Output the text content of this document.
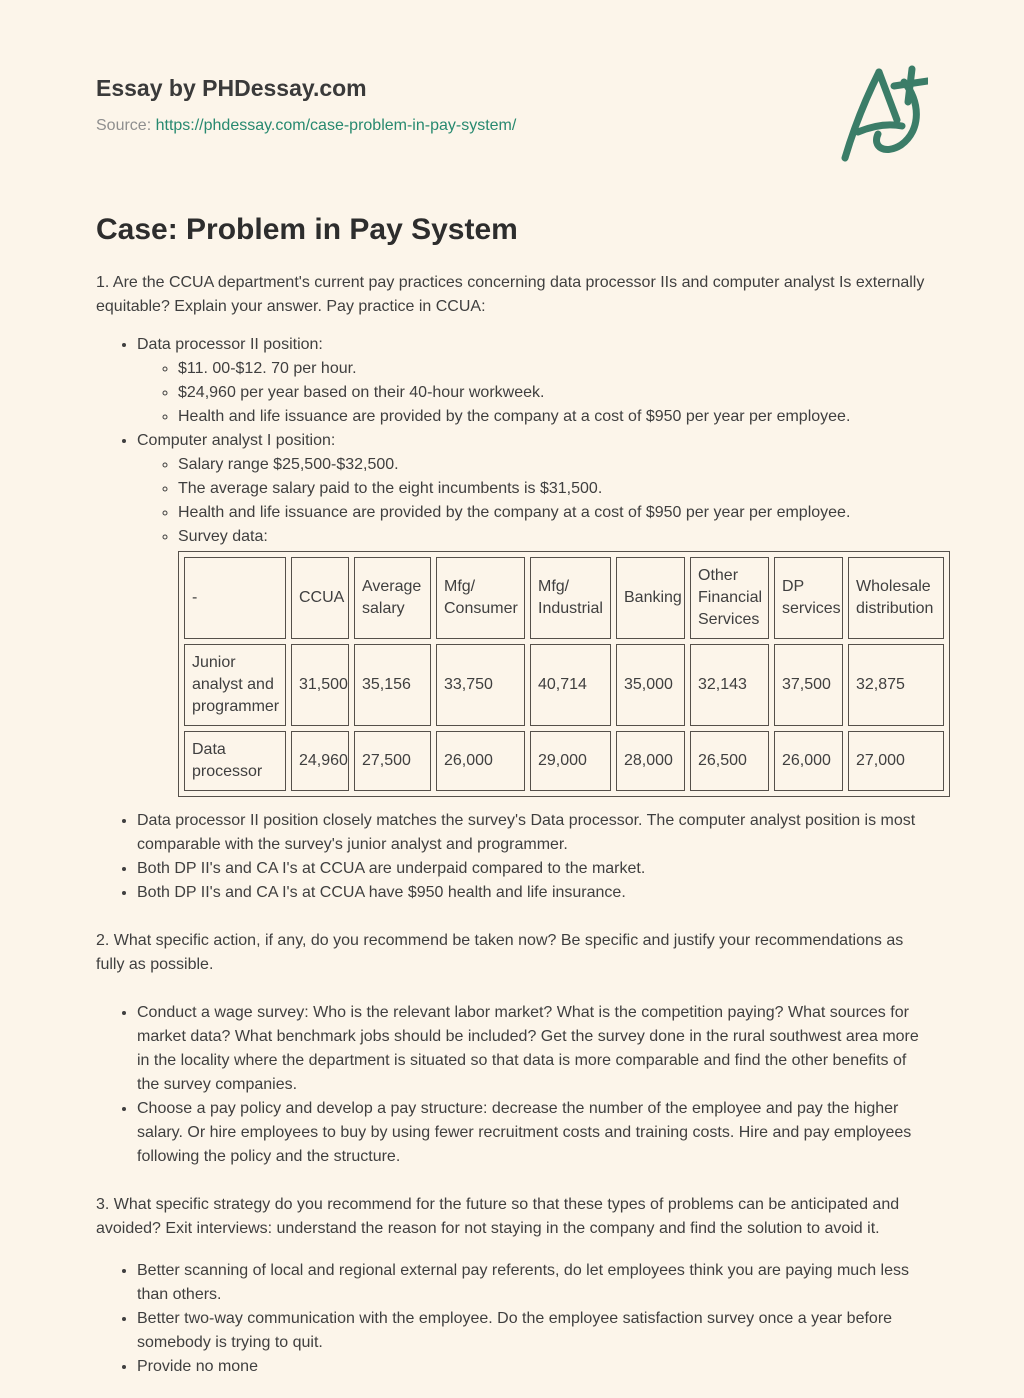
Essay by PHDessay.com

Source: https://phdessay.com/case-problem-in-pay-system/

Case: Problem in Pay System

1. Are the CCUA department's current pay practices concerning data processor IIs and computer analyst Is externally equitable? Explain your answer. Pay practice in CCUA:

• Data processor II position:
◦ $11. 00-$12. 70 per hour.
◦ $24,960 per year based on their 40-hour workweek.
◦ Health and life issuance are provided by the company at a cost of $950 per year per employee.
• Computer analyst I position:
◦ Salary range $25,500-$32,500.
◦ The average salary paid to the eight incumbents is $31,500.
◦ Health and life issuance are provided by the company at a cost of $950 per year per employee.
◦ Survey data:
-	CCUA	Average salary	Mfg/ Consumer	Mfg/ Industrial	Banking	Other Financial Services	DP services	Wholesale distribution
Junior analyst and programmer	31,500	35,156	33,750	40,714	35,000	32,143	37,500	32,875
Data processor	24,960	27,500	26,000	29,000	28,000	26,500	26,000	27,000
• Data processor II position closely matches the survey's Data processor. The computer analyst position is most comparable with the survey's junior analyst and programmer.
• Both DP II's and CA I's at CCUA are underpaid compared to the market.
• Both DP II's and CA I's at CCUA have $950 health and life insurance.

2. What specific action, if any, do you recommend be taken now? Be specific and justify your recommendations as fully as possible.

• Conduct a wage survey: Who is the relevant labor market? What is the competition paying? What sources for market data? What benchmark jobs should be included? Get the survey done in the rural southwest area more in the locality where the department is situated so that data is more comparable and find the other benefits of the survey companies.
• Choose a pay policy and develop a pay structure: decrease the number of the employee and pay the higher salary. Or hire employees to buy by using fewer recruitment costs and training costs. Hire and pay employees following the policy and the structure.

3. What specific strategy do you recommend for the future so that these types of problems can be anticipated and avoided? Exit interviews: understand the reason for not staying in the company and find the solution to avoid it.

• Better scanning of local and regional external pay referents, do let employees think you are paying much less than others.
• Better two-way communication with the employee. Do the employee satisfaction survey once a year before somebody is trying to quit.
• Provide no mone
